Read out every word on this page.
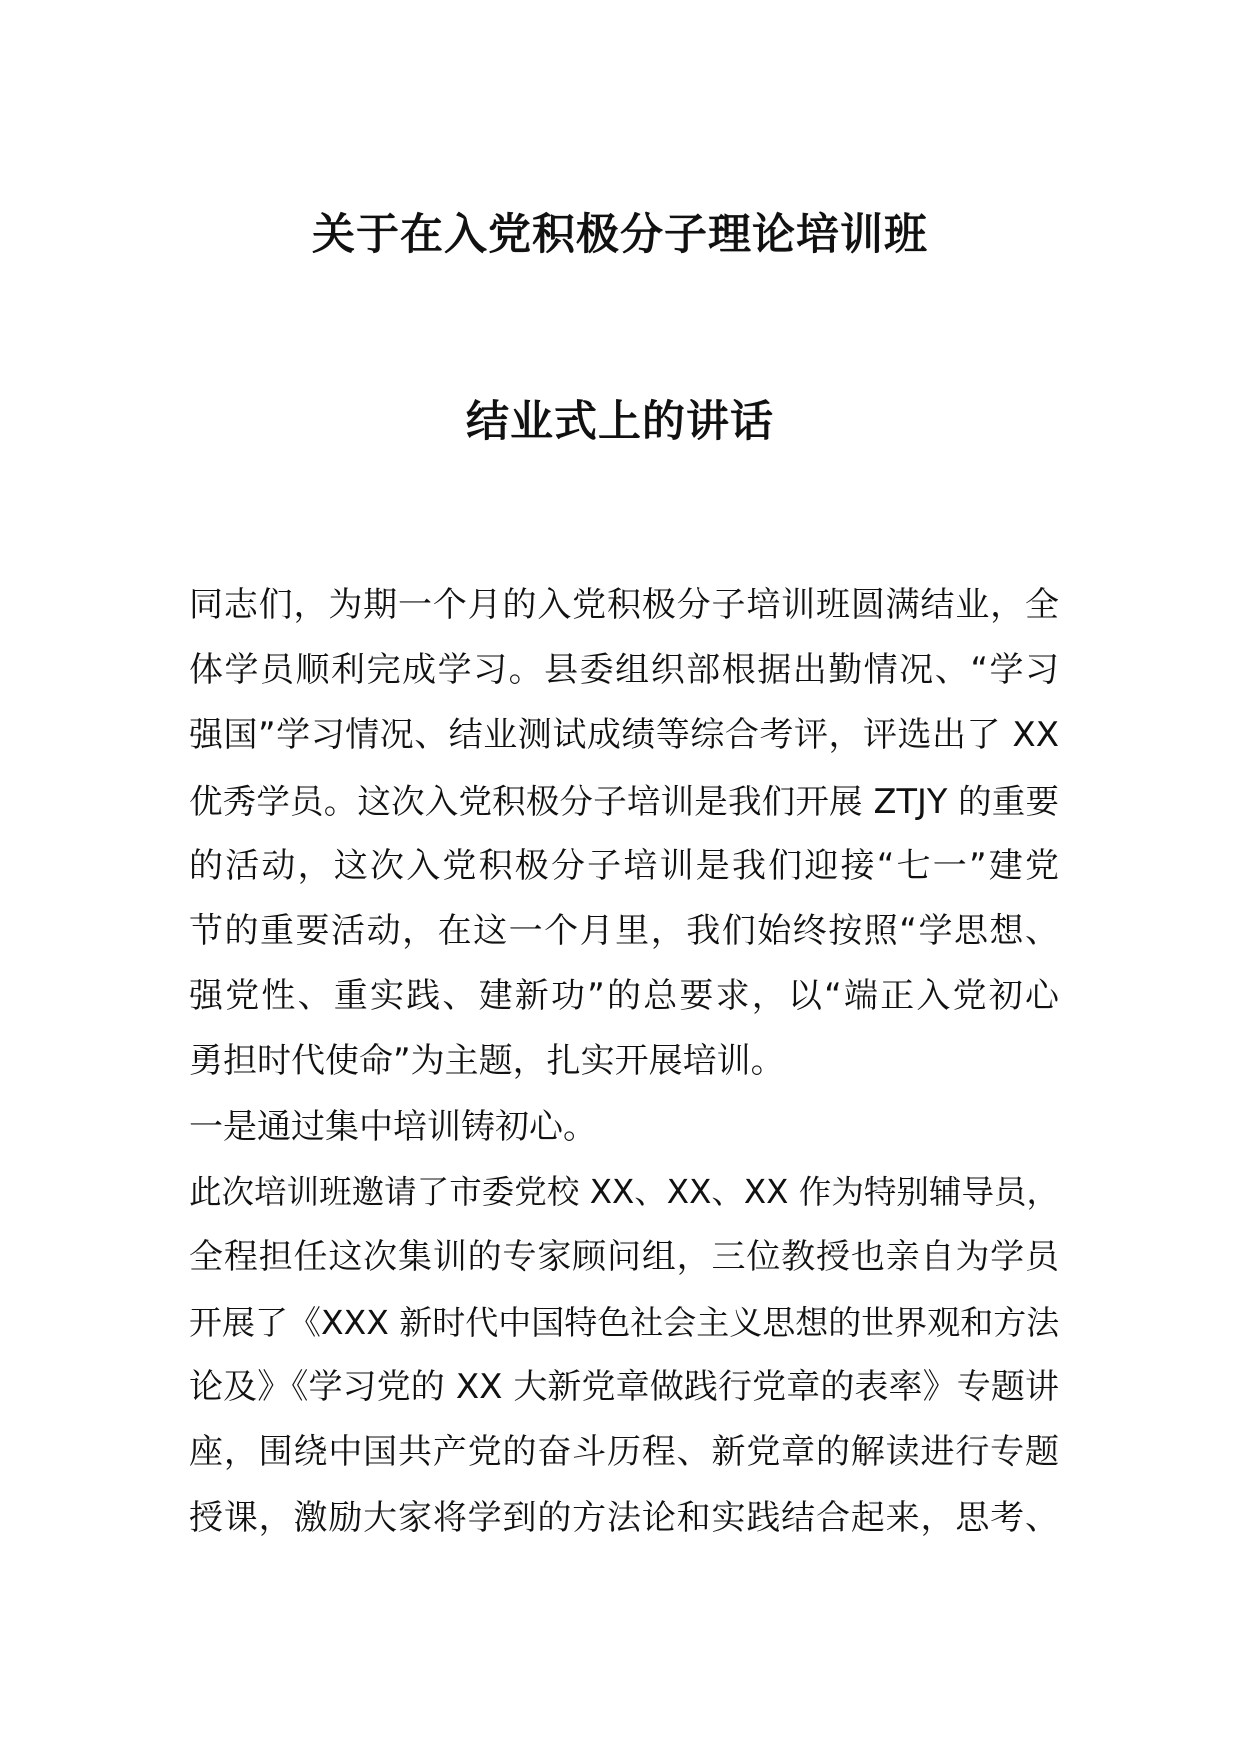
关于在入党积极分子理论培训班
结业式上的讲话
同志们，为期一个月的入党积极分子培训班圆满结业，全
体学员顺利完成学习。县委组织部根据出勤情况、“学习
强国”学习情况、结业测试成绩等综合考评，评选出了 XX
优秀学员。这次入党积极分子培训是我们开展 ZTJY 的重要
的活动，这次入党积极分子培训是我们迎接“七一”建党
节的重要活动，在这一个月里，我们始终按照“学思想、
强党性、重实践、建新功”的总要求，以“端正入党初心
勇担时代使命”为主题，扎实开展培训。
一是通过集中培训铸初心。
此次培训班邀请了市委党校 XX、XX、XX 作为特别辅导员，
全程担任这次集训的专家顾问组，三位教授也亲自为学员
开展了《XXX 新时代中国特色社会主义思想的世界观和方法
论及》《学习党的 XX 大新党章做践行党章的表率》专题讲
座，围绕中国共产党的奋斗历程、新党章的解读进行专题
授课，激励大家将学到的方法论和实践结合起来，思考、
